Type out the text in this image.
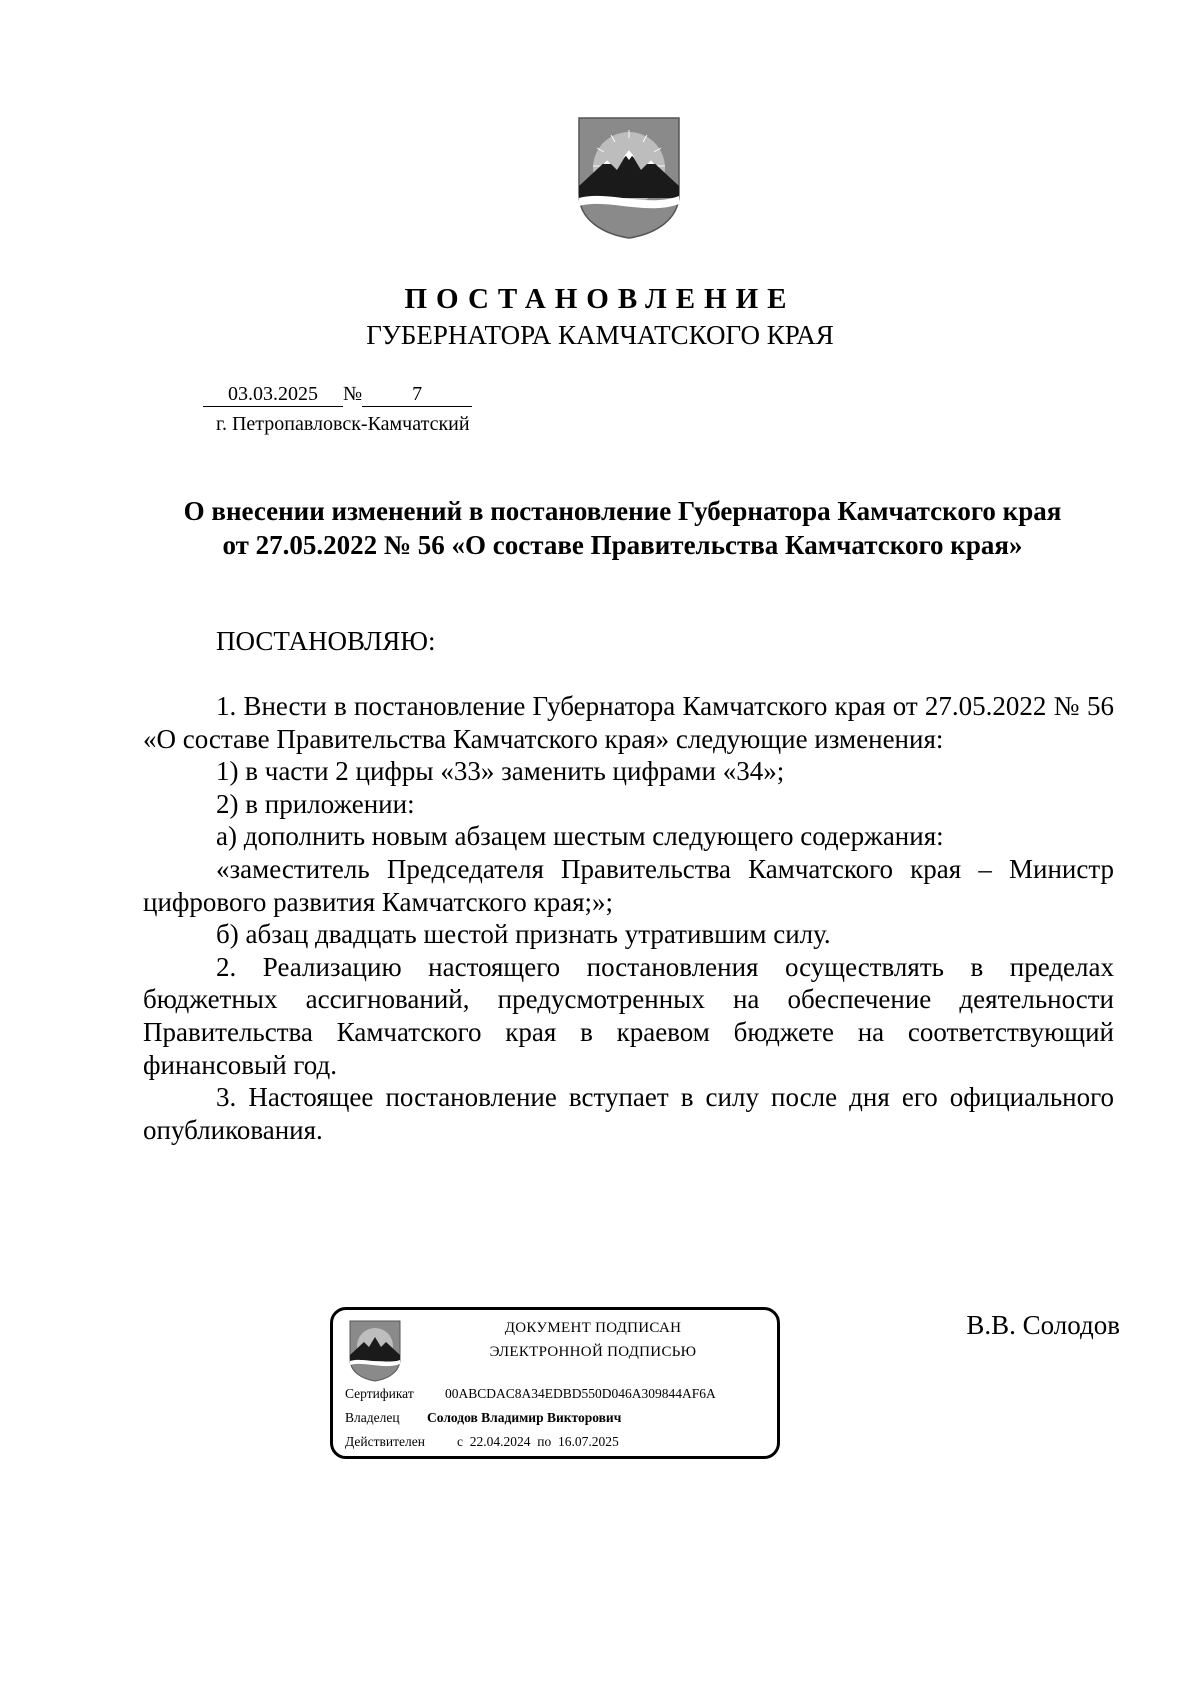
ПОСТАНОВЛЕНИЕ
ГУБЕРНАТОРА КАМЧАТСКОГО КРАЯ
03.03.2025 №	7
г. Петропавловск-Камчатский
О внесении изменений в постановление Губернатора Камчатского края
от 27.05.2022 № 56 «О составе Правительства Камчатского края»
ПОСТАНОВЛЯЮ:

1. Внести в постановление Губернатора Камчатского края от 27.05.2022 № 56 «О составе Правительства Камчатского края» следующие изменения:

1) в части 2 цифры «33» заменить цифрами «34»;

2) в приложении:

а) дополнить новым абзацем шестым следующего содержания:

«заместитель Председателя Правительства Камчатского края – Министр цифрового развития Камчатского края;»;

б) абзац двадцать шестой признать утратившим силу.

2. Реализацию настоящего постановления осуществлять в пределах бюджетных ассигнований, предусмотренных на обеспечение деятельности Правительства Камчатского края в краевом бюджете на соответствующий финансовый год.

3. Настоящее постановление вступает в силу после дня его официального опубликования.

ДОКУМЕНТ ПОДПИСАН
ЭЛЕКТРОННОЙ ПОДПИСЬЮ
Сертификат 00ABCDAC8A34EDBD550D046A309844AF6A
Владелец Солодов Владимир Викторович
Действителен с 22.04.2024 по 16.07.2025
В.В. Солодов
